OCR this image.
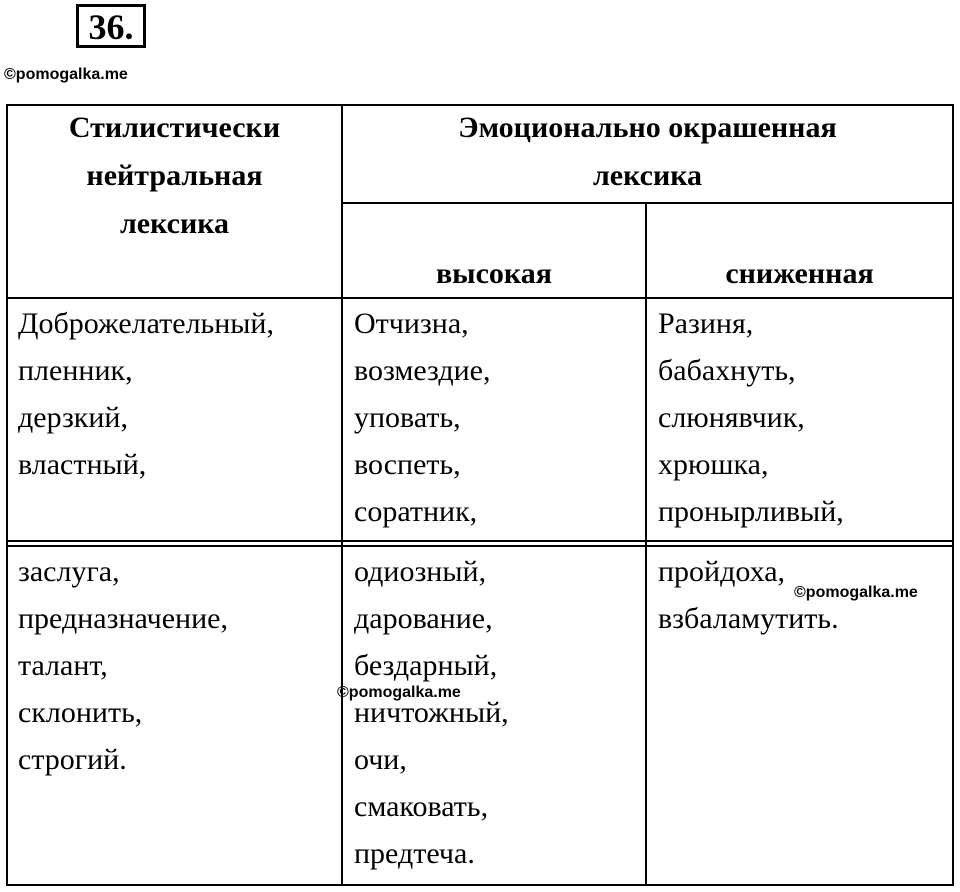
36.
©pomogalka.me
Стилистически
нейтральная
лексика
Эмоционально окрашенная
лексика
высокая	сниженная
Доброжелательный,
пленник,
дерзкий,
властный,
Отчизна,
возмездие,
уповать,
воспеть,
соратник,
Разиня,
бабахнуть,
слюнявчик,
хрюшка,
пронырливый,
заслуга,
предназначение,
талант,
склонить,
строгий.
одиозный,
дарование,
бездарный,
ничтожный,
очи,
смаковать,
предтеча.
пройдоха,
взбаламутить.
©pomogalka.me
©pomogalka.me
